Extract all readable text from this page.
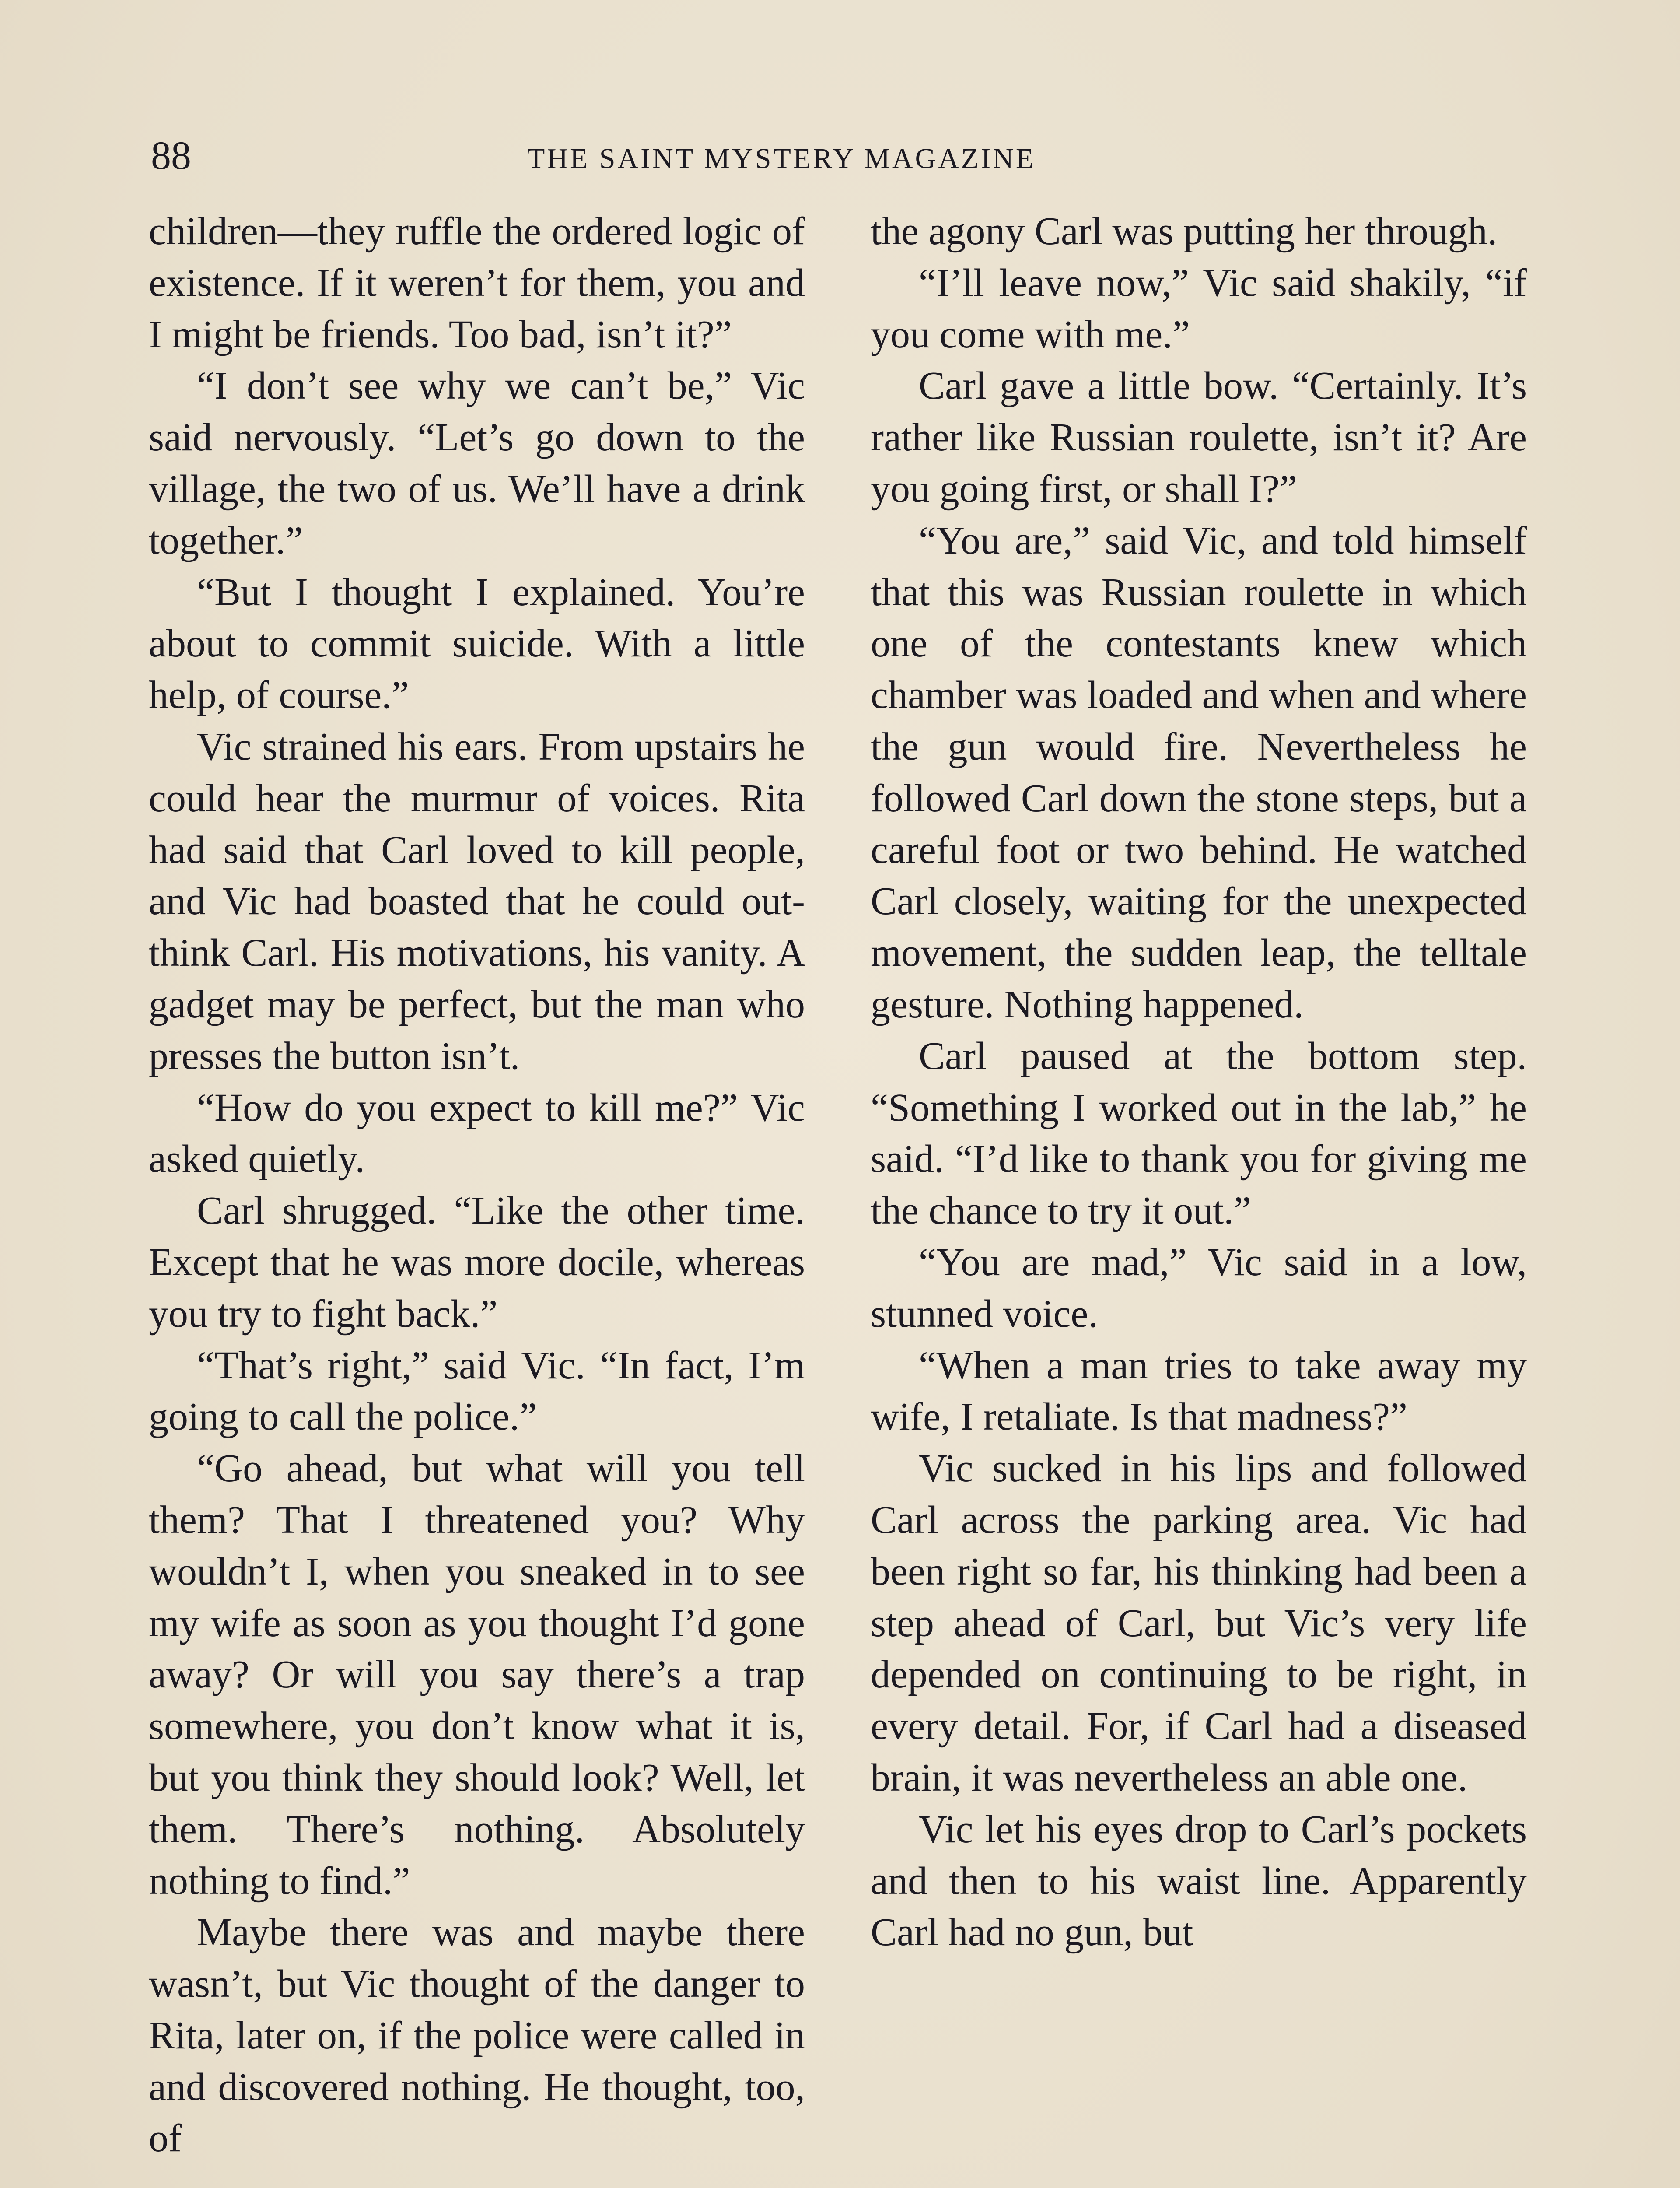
88	THE SAINT MYSTERY MAGAZINE

children—they ruffle the ordered logic of existence. If it weren’t for them, you and I might be friends. Too bad, isn’t it?”

“I don’t see why we can’t be,” Vic said nervously. “Let’s go down to the village, the two of us. We’ll have a drink together.”

“But I thought I explained. You’re about to commit suicide. With a little help, of course.”

Vic strained his ears. From upstairs he could hear the murmur of voices. Rita had said that Carl loved to kill people, and Vic had boasted that he could out-think Carl. His motivations, his vanity. A gadget may be perfect, but the man who presses the button isn’t.

“How do you expect to kill me?” Vic asked quietly.

Carl shrugged. “Like the other time. Except that he was more docile, whereas you try to fight back.”

“That’s right,” said Vic. “In fact, I’m going to call the police.”

“Go ahead, but what will you tell them? That I threatened you? Why wouldn’t I, when you sneaked in to see my wife as soon as you thought I’d gone away? Or will you say there’s a trap somewhere, you don’t know what it is, but you think they should look? Well, let them. There’s nothing. Absolutely nothing to find.”

Maybe there was and maybe there wasn’t, but Vic thought of the danger to Rita, later on, if the police were called in and discovered nothing. He thought, too, of

the agony Carl was putting her through.

“I’ll leave now,” Vic said shakily, “if you come with me.”

Carl gave a little bow. “Certainly. It’s rather like Russian roulette, isn’t it? Are you going first, or shall I?”

“You are,” said Vic, and told himself that this was Russian roulette in which one of the contestants knew which chamber was loaded and when and where the gun would fire. Nevertheless he followed Carl down the stone steps, but a careful foot or two behind. He watched Carl closely, waiting for the unexpected movement, the sudden leap, the telltale gesture. Nothing happened.

Carl paused at the bottom step. “Something I worked out in the lab,” he said. “I’d like to thank you for giving me the chance to try it out.”

“You are mad,” Vic said in a low, stunned voice.

“When a man tries to take away my wife, I retaliate. Is that madness?”

Vic sucked in his lips and followed Carl across the parking area. Vic had been right so far, his thinking had been a step ahead of Carl, but Vic’s very life depended on continuing to be right, in every detail. For, if Carl had a diseased brain, it was nevertheless an able one.

Vic let his eyes drop to Carl’s pockets and then to his waist line. Apparently Carl had no gun, but
